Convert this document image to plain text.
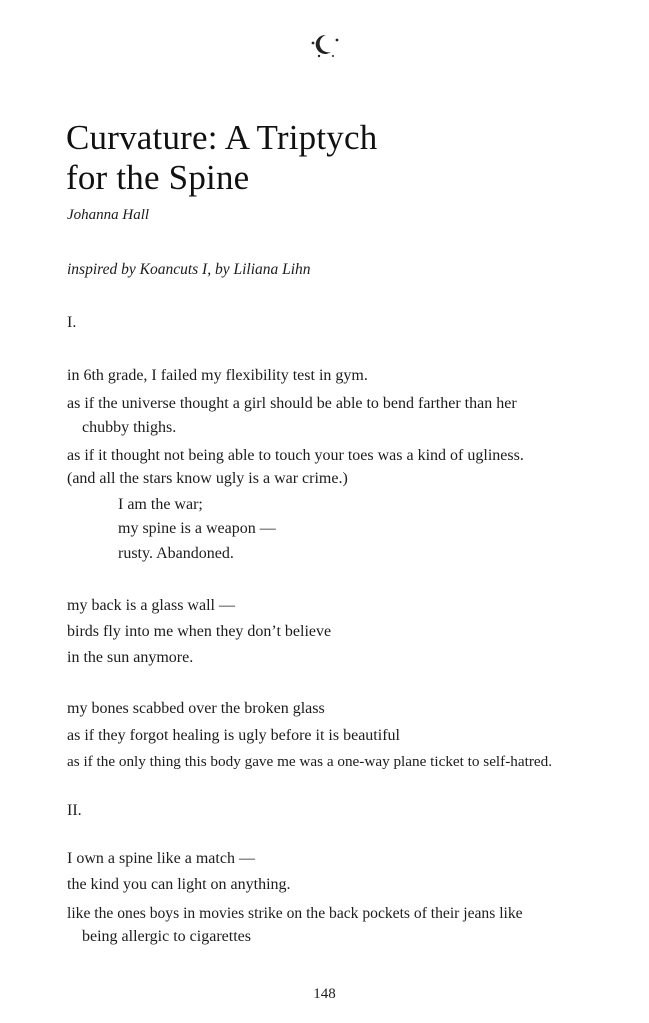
Curvature: A Triptych
for the Spine
Johanna Hall
inspired by Koancuts I, by Liliana Lihn
I.
in 6th grade, I failed my flexibility test in gym.
as if the universe thought a girl should be able to bend farther than her
chubby thighs.
as if it thought not being able to touch your toes was a kind of ugliness.
(and all the stars know ugly is a war crime.)
I am the war;
my spine is a weapon —
rusty. Abandoned.
my back is a glass wall —
birds fly into me when they don’t believe
in the sun anymore.
my bones scabbed over the broken glass
as if they forgot healing is ugly before it is beautiful
as if the only thing this body gave me was a one-way plane ticket to self-hatred.
II.
I own a spine like a match —
the kind you can light on anything.
like the ones boys in movies strike on the back pockets of their jeans like
being allergic to cigarettes
148
